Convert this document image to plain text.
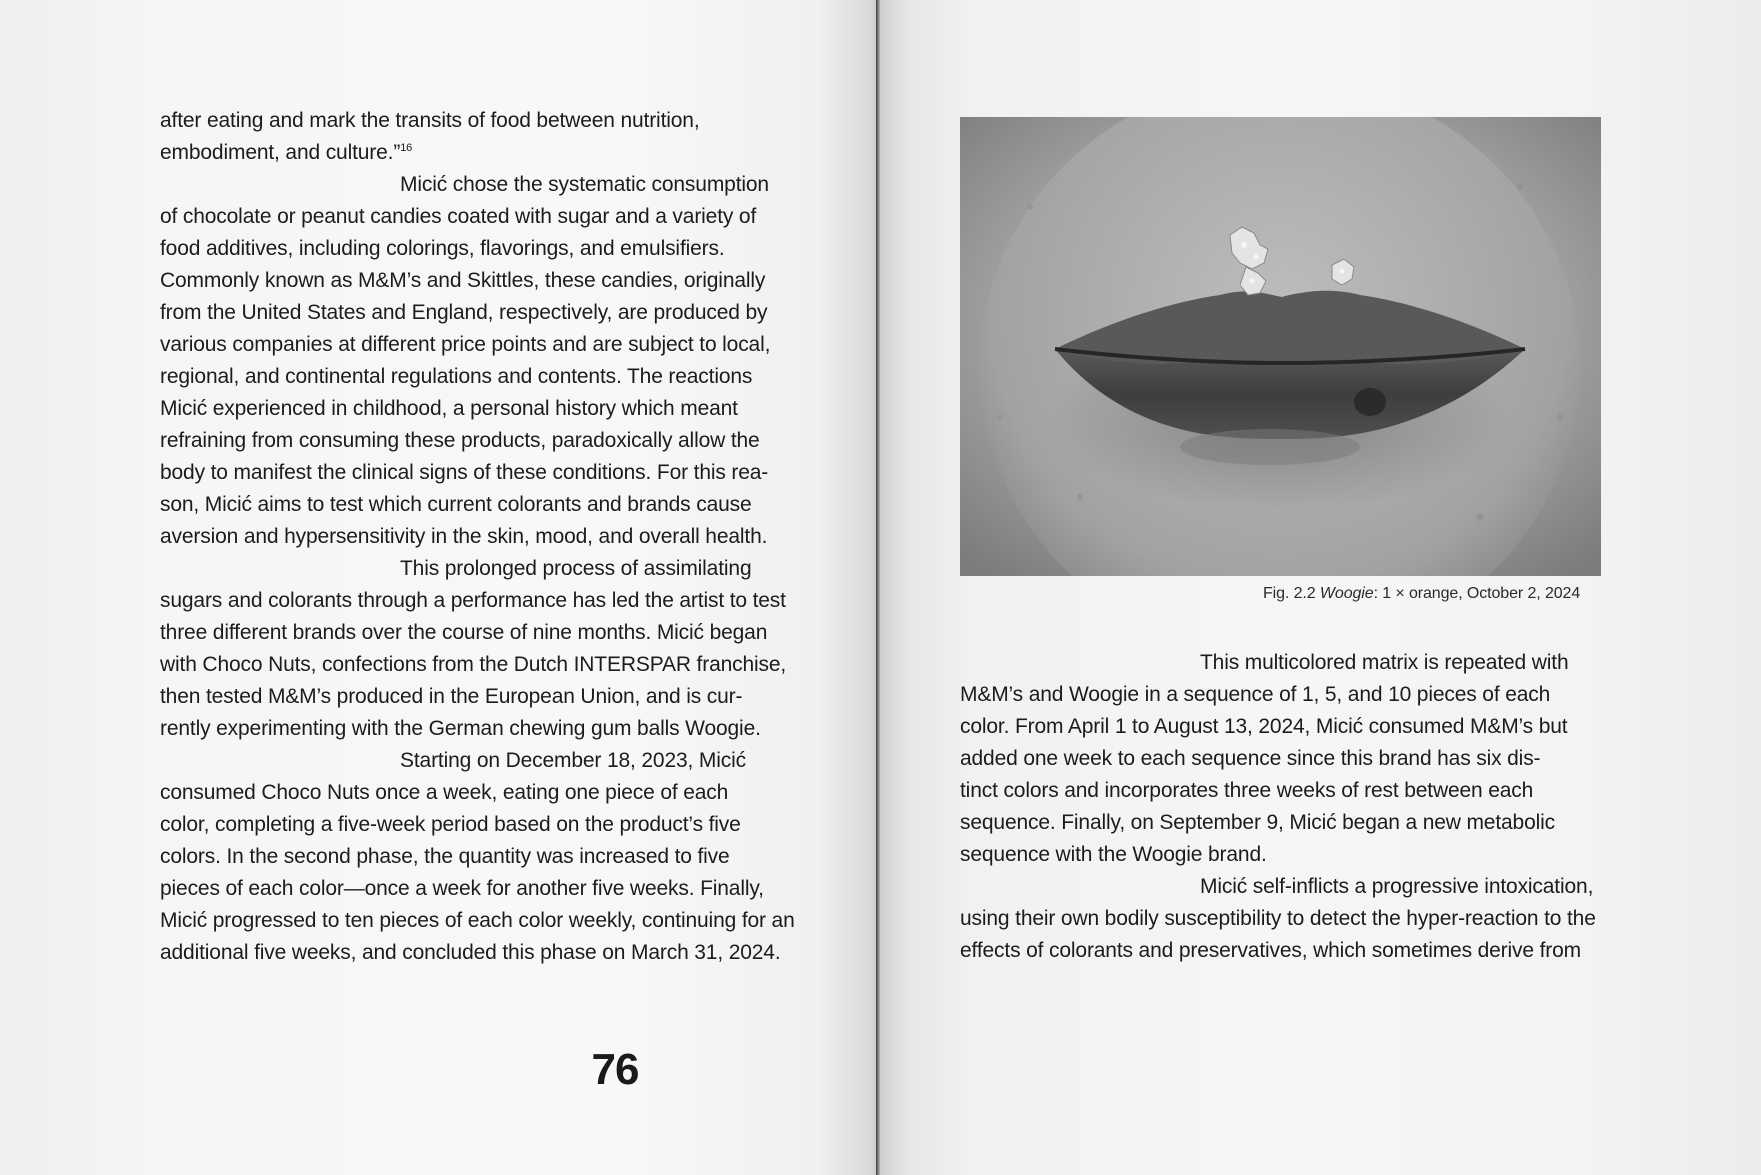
after eating and mark the transits of food between nutrition,
embodiment, and culture.”$^{16}$
Micić chose the systematic consumption
of chocolate or peanut candies coated with sugar and a variety of
food additives, including colorings, flavorings, and emulsifiers.
Commonly known as M&M’s and Skittles, these candies, originally
from the United States and England, respectively, are produced by
various companies at different price points and are subject to local,
regional, and continental regulations and contents. The reactions
Micić experienced in childhood, a personal history which meant
refraining from consuming these products, paradoxically allow the
body to manifest the clinical signs of these conditions. For this rea-
son, Micić aims to test which current colorants and brands cause
aversion and hypersensitivity in the skin, mood, and overall health.
This prolonged process of assimilating
sugars and colorants through a performance has led the artist to test
three different brands over the course of nine months. Micić began
with Choco Nuts, confections from the Dutch INTERSPAR franchise,
then tested M&M’s produced in the European Union, and is cur-
rently experimenting with the German chewing gum balls Woogie.
Starting on December 18, 2023, Micić
consumed Choco Nuts once a week, eating one piece of each
color, completing a five-week period based on the product’s five
colors. In the second phase, the quantity was increased to five
pieces of each color—once a week for another five weeks. Finally,
Micić progressed to ten pieces of each color weekly, continuing for an
additional five weeks, and concluded this phase on March 31, 2024.
76
Fig. 2.2 Woogie: 1 × orange, October 2, 2024
This multicolored matrix is repeated with
M&M’s and Woogie in a sequence of 1, 5, and 10 pieces of each
color. From April 1 to August 13, 2024, Micić consumed M&M’s but
added one week to each sequence since this brand has six dis-
tinct colors and incorporates three weeks of rest between each
sequence. Finally, on September 9, Micić began a new metabolic
sequence with the Woogie brand.
Micić self-inflicts a progressive intoxication,
using their own bodily susceptibility to detect the hyper-reaction to the
effects of colorants and preservatives, which sometimes derive from
